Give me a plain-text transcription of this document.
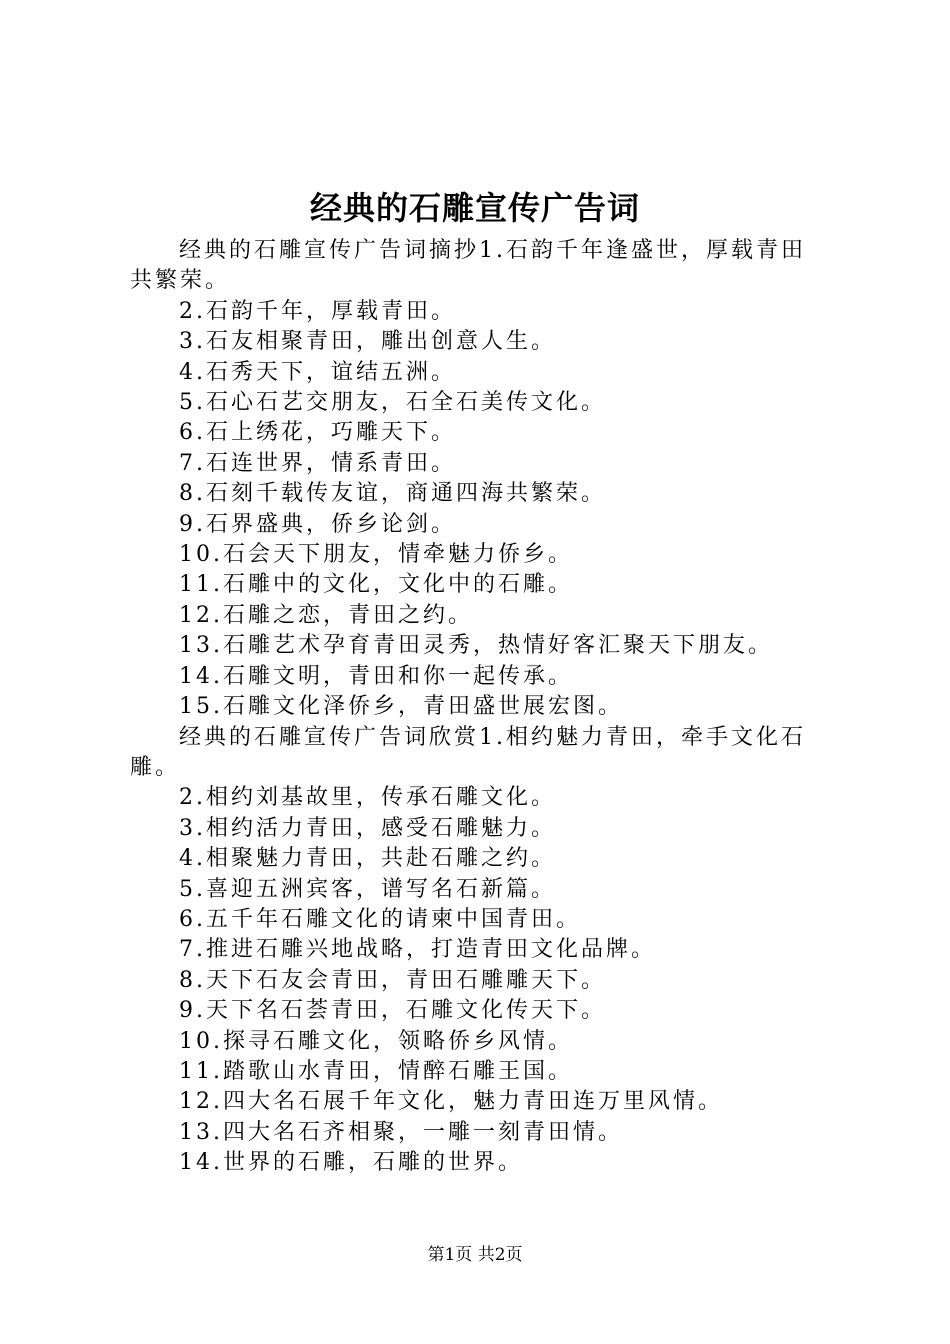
经典的石雕宣传广告词

经典的石雕宣传广告词摘抄1.石韵千年逢盛世，厚载青田共繁荣。

2.石韵千年，厚载青田。

3.石友相聚青田，雕出创意人生。

4.石秀天下，谊结五洲。

5.石心石艺交朋友，石全石美传文化。

6.石上绣花，巧雕天下。

7.石连世界，情系青田。

8.石刻千载传友谊，商通四海共繁荣。

9.石界盛典，侨乡论剑。

10.石会天下朋友，情牵魅力侨乡。

11.石雕中的文化，文化中的石雕。

12.石雕之恋，青田之约。

13.石雕艺术孕育青田灵秀，热情好客汇聚天下朋友。

14.石雕文明，青田和你一起传承。

15.石雕文化泽侨乡，青田盛世展宏图。

经典的石雕宣传广告词欣赏1.相约魅力青田，牵手文化石雕。

2.相约刘基故里，传承石雕文化。

3.相约活力青田，感受石雕魅力。

4.相聚魅力青田，共赴石雕之约。

5.喜迎五洲宾客，谱写名石新篇。

6.五千年石雕文化的请柬中国青田。

7.推进石雕兴地战略，打造青田文化品牌。

8.天下石友会青田，青田石雕雕天下。

9.天下名石荟青田，石雕文化传天下。

10.探寻石雕文化，领略侨乡风情。

11.踏歌山水青田，情醉石雕王国。

12.四大名石展千年文化，魅力青田连万里风情。

13.四大名石齐相聚，一雕一刻青田情。

14.世界的石雕，石雕的世界。

第1页 共2页
